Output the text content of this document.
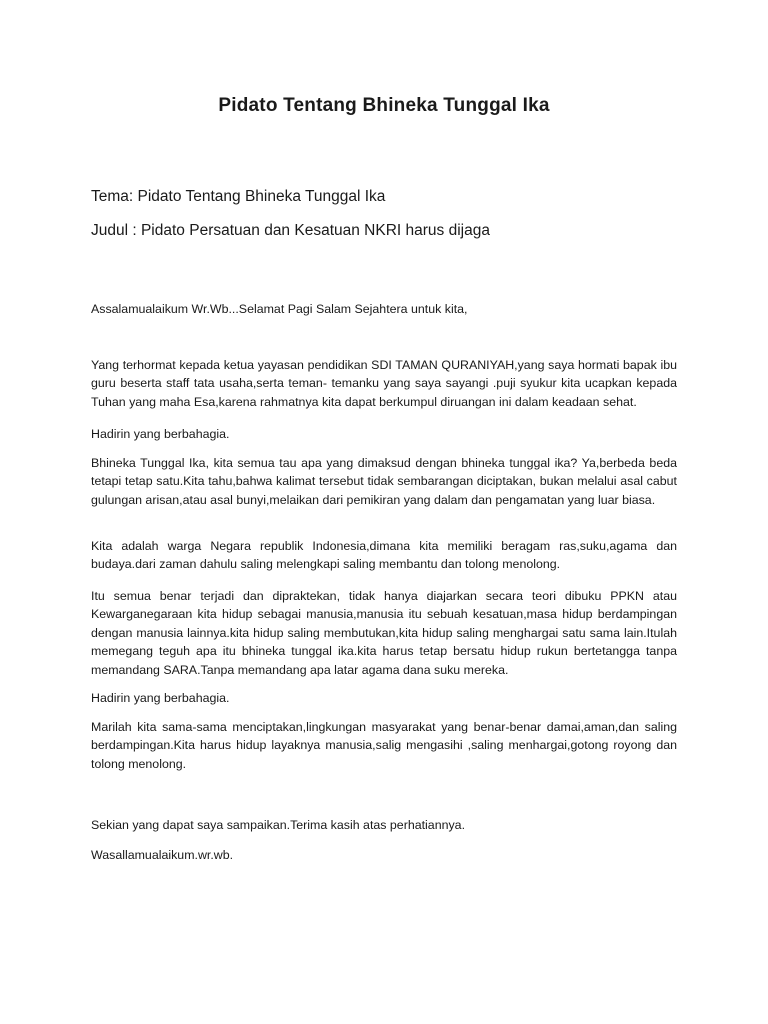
Pidato Tentang Bhineka Tunggal Ika
Tema: Pidato Tentang Bhineka Tunggal Ika
Judul : Pidato Persatuan dan Kesatuan NKRI harus dijaga

Assalamualaikum Wr.Wb...Selamat Pagi Salam Sejahtera untuk kita,

Yang terhormat kepada ketua yayasan pendidikan SDI TAMAN QURANIYAH,yang saya hormati bapak ibu guru beserta staff tata usaha,serta teman- temanku yang saya sayangi .puji syukur kita ucapkan kepada Tuhan yang maha Esa,karena rahmatnya kita dapat berkumpul diruangan ini dalam keadaan sehat.

Hadirin yang berbahagia.

Bhineka Tunggal Ika, kita semua tau apa yang dimaksud dengan bhineka tunggal ika? Ya,berbeda beda tetapi tetap satu.Kita tahu,bahwa kalimat tersebut tidak sembarangan diciptakan, bukan melalui asal cabut gulungan arisan,atau asal bunyi,melaikan dari pemikiran yang dalam dan pengamatan yang luar biasa.

Kita adalah warga Negara republik Indonesia,dimana kita memiliki beragam ras,suku,agama dan budaya.dari zaman dahulu saling melengkapi saling membantu dan tolong menolong.

Itu semua benar terjadi dan dipraktekan, tidak hanya diajarkan secara teori dibuku PPKN atau Kewarganegaraan kita hidup sebagai manusia,manusia itu sebuah kesatuan,masa hidup berdampingan dengan manusia lainnya.kita hidup saling membutukan,kita hidup saling menghargai satu sama lain.Itulah memegang teguh apa itu bhineka tunggal ika.kita harus tetap bersatu hidup rukun bertetangga tanpa memandang SARA.Tanpa memandang apa latar agama dana suku mereka.

Hadirin yang berbahagia.

Marilah kita sama-sama menciptakan,lingkungan masyarakat yang benar-benar damai,aman,dan saling berdampingan.Kita harus hidup layaknya manusia,salig mengasihi ,saling menhargai,gotong royong dan tolong menolong.

Sekian yang dapat saya sampaikan.Terima kasih atas perhatiannya.

Wasallamualaikum.wr.wb.
